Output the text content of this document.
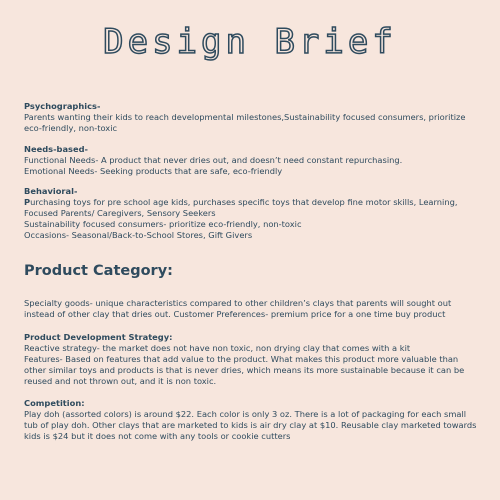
Design Brief
Psychographics-
Parents wanting their kids to reach developmental milestones,Sustainability focused consumers, prioritize eco-friendly, non-toxic
Needs-based-
Functional Needs- A product that never dries out, and doesn’t need constant repurchasing.
Emotional Needs- Seeking products that are safe, eco-friendly
Behavioral-
Purchasing toys for pre school age kids, purchases specific toys that develop fine motor skills, Learning, Focused Parents/ Caregivers, Sensory Seekers
Sustainability focused consumers- prioritize eco-friendly, non-toxic
Occasions- Seasonal/Back-to-School Stores, Gift Givers
Product Category:
Specialty goods- unique characteristics compared to other children’s clays that parents will sought out instead of other clay that dries out. Customer Preferences- premium price for a one time buy product
Product Development Strategy:
Reactive strategy- the market does not have non toxic, non drying clay that comes with a kit
Features- Based on features that add value to the product. What makes this product more valuable than other similar toys and products is that is never dries, which means its more sustainable because it can be reused and not thrown out, and it is non toxic.
Competition:
Play doh (assorted colors) is around $22. Each color is only 3 oz. There is a lot of packaging for each small tub of play doh. Other clays that are marketed to kids is air dry clay at $10. Reusable clay marketed towards kids is $24 but it does not come with any tools or cookie cutters
